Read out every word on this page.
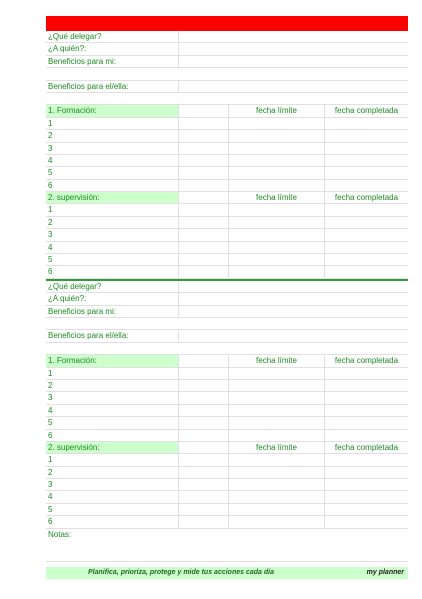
¿Qué delegar?
¿A quién?:
Beneficios para mi:
Beneficios para el/ella:
1. Formación:	fecha límite	fecha completada
1
2
3
4
5
6
2. supervisión:	fecha límite	fecha completada
1
2
3
4
5
6
¿Qué delegar?
¿A quién?:
Beneficios para mi:
Beneficios para el/ella:
1. Formación:	fecha límite	fecha completada
1
2
3
4
5
6
2. supervisión:	fecha límite	fecha completada
1
2
3
4
5
6
Notas:
Planifica, prioriza, protege y mide tus acciones cada día	my planner
